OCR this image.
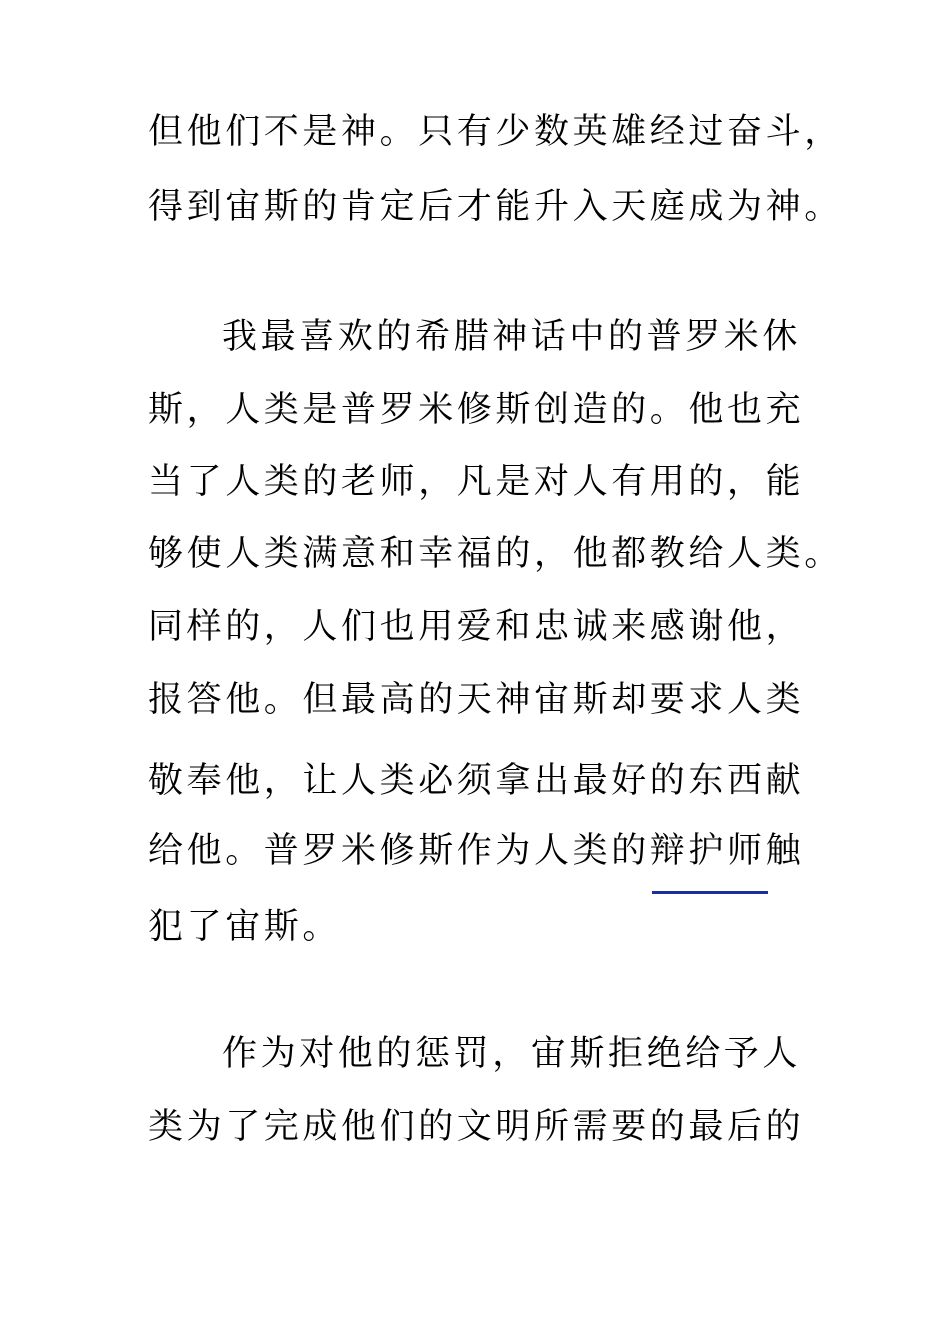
但他们不是神。只有少数英雄经过奋斗，
得到宙斯的肯定后才能升入天庭成为神。
我最喜欢的希腊神话中的普罗米休
斯，人类是普罗米修斯创造的。他也充
当了人类的老师，凡是对人有用的，能
够使人类满意和幸福的，他都教给人类。
同样的，人们也用爱和忠诚来感谢他，
报答他。但最高的天神宙斯却要求人类
敬奉他，让人类必须拿出最好的东西献
给他。普罗米修斯作为人类的辩护师触
犯了宙斯。
作为对他的惩罚，宙斯拒绝给予人
类为了完成他们的文明所需要的最后的
